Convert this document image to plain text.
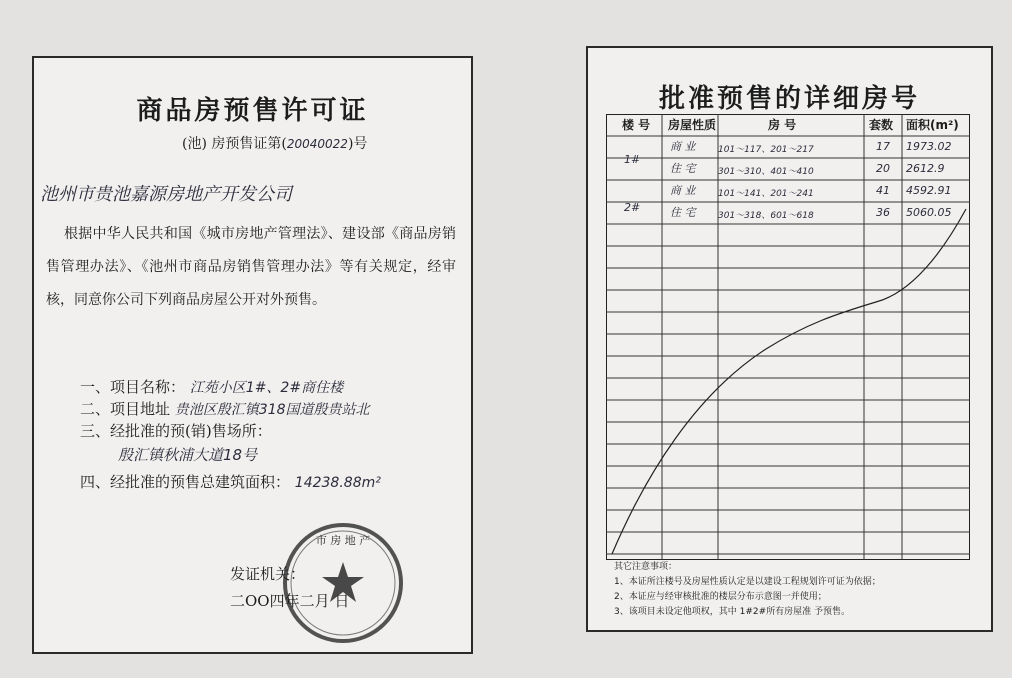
商品房预售许可证
(池) 房预售证第(20040022)号
池州市贵池嘉源房地产开发公司
根据中华人民共和国《城市房地产管理法》、建设部《商品房销售管理办法》、《池州市商品房销售管理办法》等有关规定，经审核，同意你公司下列商品房屋公开对外预售。
一、项目名称： 江苑小区1#、2#商住楼
二、项目地址 贵池区殷汇镇318国道殷贵站北
三、经批准的预(销)售场所：
殷汇镇秋浦大道18号
四、经批准的预售总建筑面积： 14238.88m²
市 房 地 产
发证机关：
二OO四年二月 日
批准预售的详细房号
楼 号 房屋性质	房 号	套数 面积(m²)
1#
商 业	101～117、201～217	17 1973.02
住 宅	301～310、401～410	20 2612.9
2#
商 业	101～141、201～241	41 4592.91
住 宅	301～318、601～618	36 5060.05
其它注意事项：
1、本证所注楼号及房屋性质认定是以建设工程规划许可证为依据；
2、本证应与经审核批准的楼层分布示意图一并使用；
3、该项目未设定他项权，其中 1#2#所有房屋准 予预售。
